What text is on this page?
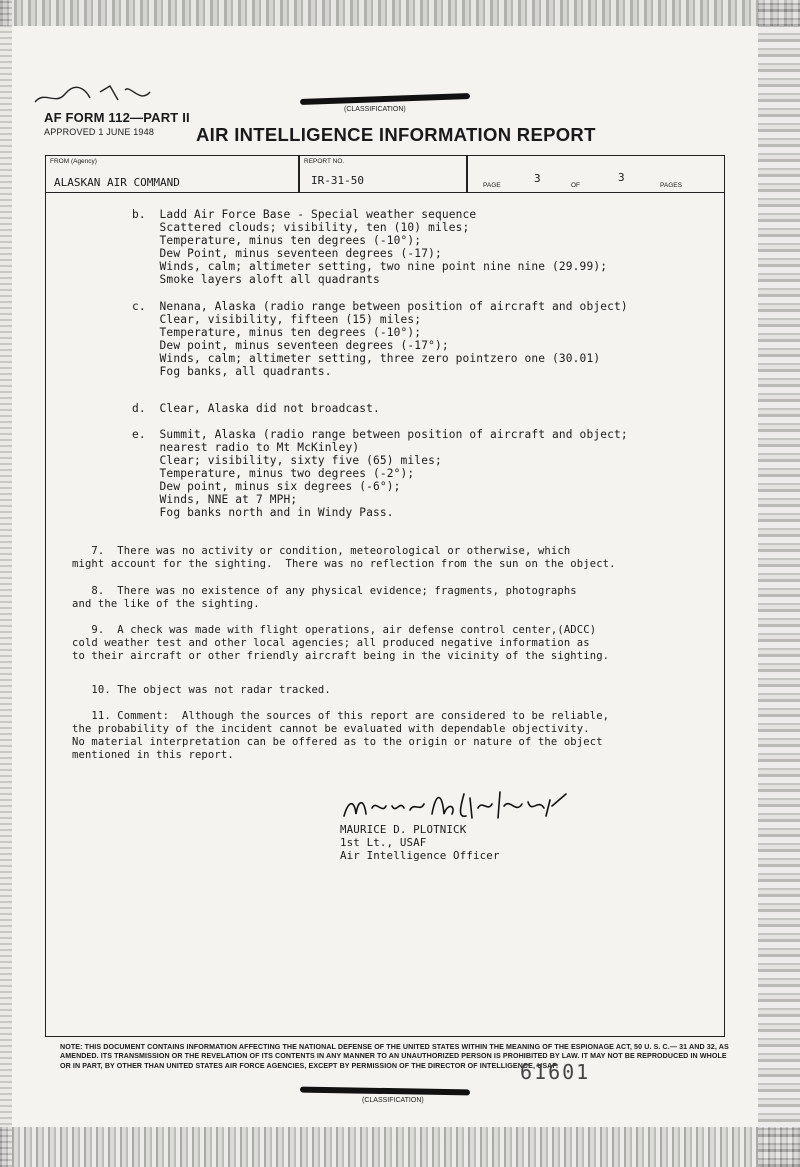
AF FORM 112—PART II
APPROVED 1 JUNE 1948
(CLASSIFICATION)
AIR INTELLIGENCE INFORMATION REPORT
FROM (Agency)
ALASKAN AIR COMMAND
REPORT NO.
IR-31-50	PAGE
3
OF
3
PAGES
b.  Ladd Air Force Base - Special weather sequence
Scattered clouds; visibility, ten (10) miles;
Temperature, minus ten degrees (-10°);
Dew Point, minus seventeen degrees (-17);
Winds, calm; altimeter setting, two nine point nine nine (29.99);
Smoke layers aloft all quadrants
c.  Nenana, Alaska (radio range between position of aircraft and object)
Clear, visibility, fifteen (15) miles;
Temperature, minus ten degrees (-10°);
Dew point, minus seventeen degrees (-17°);
Winds, calm; altimeter setting, three zero pointzero one (30.01)
Fog banks, all quadrants.
d.  Clear, Alaska did not broadcast.
e.  Summit, Alaska (radio range between position of aircraft and object;
nearest radio to Mt McKinley)
Clear; visibility, sixty five (65) miles;
Temperature, minus two degrees (-2°);
Dew point, minus six degrees (-6°);
Winds, NNE at 7 MPH;
Fog banks north and in Windy Pass.
7.  There was no activity or condition, meteorological or otherwise, which
might account for the sighting.  There was no reflection from the sun on the object.
8.  There was no existence of any physical evidence; fragments, photographs
and the like of the sighting.
9.  A check was made with flight operations, air defense control center,(ADCC)
cold weather test and other local agencies; all produced negative information as
to their aircraft or other friendly aircraft being in the vicinity of the sighting.
10. The object was not radar tracked.
11. Comment:  Although the sources of this report are considered to be reliable,
the probability of the incident cannot be evaluated with dependable objectivity.
No material interpretation can be offered as to the origin or nature of the object
mentioned in this report.
MAURICE D. PLOTNICK
1st Lt., USAF
Air Intelligence Officer
NOTE: THIS DOCUMENT CONTAINS INFORMATION AFFECTING THE NATIONAL DEFENSE OF THE UNITED STATES WITHIN THE MEANING OF THE ESPIONAGE ACT, 50 U. S. C.— 31 AND 32, AS AMENDED. ITS TRANSMISSION OR THE REVELATION OF ITS CONTENTS IN ANY MANNER TO AN UNAUTHORIZED PERSON IS PROHIBITED BY LAW. IT MAY NOT BE REPRODUCED IN WHOLE OR IN PART, BY OTHER THAN UNITED STATES AIR FORCE AGENCIES, EXCEPT BY PERMISSION OF THE DIRECTOR OF INTELLIGENCE, USAF.
61601
(CLASSIFICATION)
